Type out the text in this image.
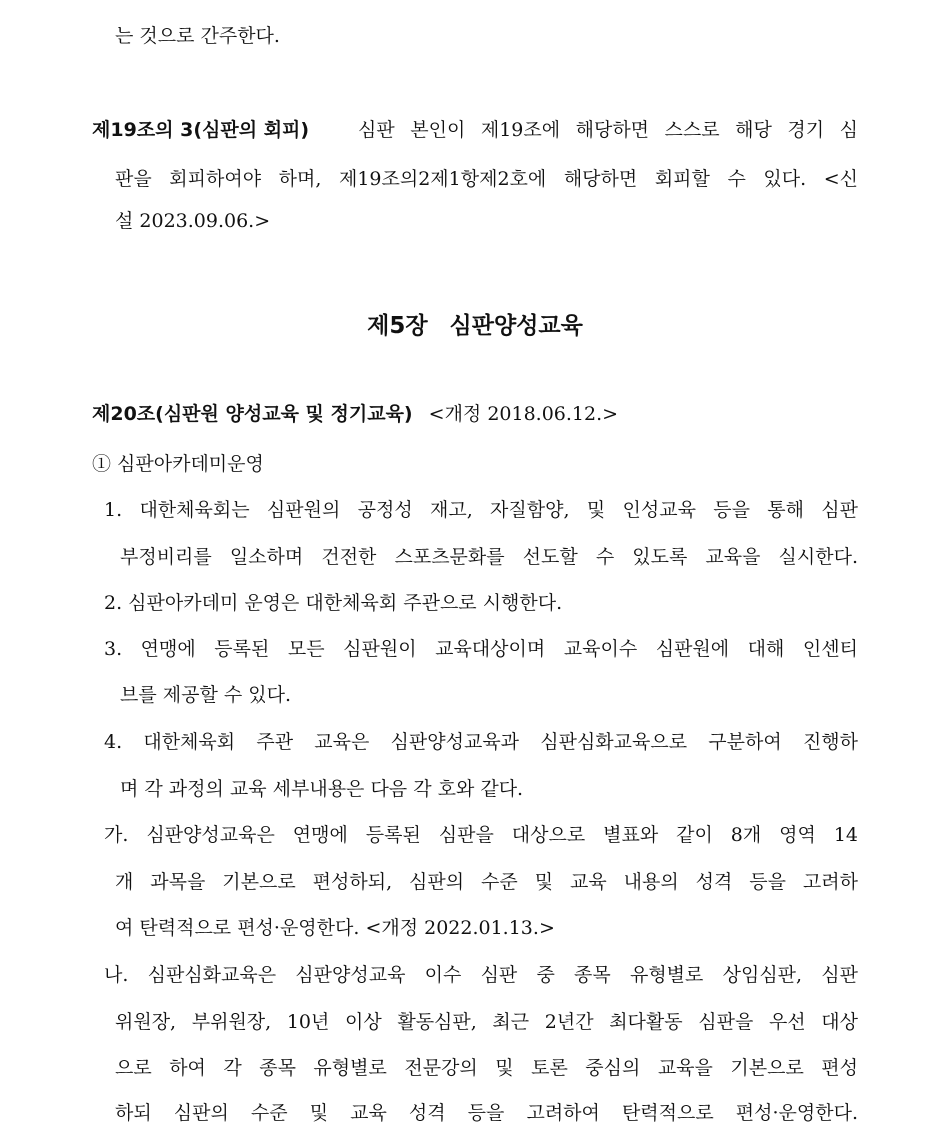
는 것으로 간주한다.
제19조의 3(심판의 회피)	심판 본인이 제19조에 해당하면 스스로 해당 경기 심
판을 회피하여야 하며, 제19조의2제1항제2호에 해당하면 회피할 수 있다. <신
설 2023.09.06.>
제5장 심판양성교육
제20조(심판원 양성교육 및 정기교육) <개정 2018.06.12.>
① 심판아카데미운영
1. 대한체육회는 심판원의 공정성 재고, 자질함양, 및 인성교육 등을 통해 심판
부정비리를 일소하며 건전한 스포츠문화를 선도할 수 있도록 교육을 실시한다.
2. 심판아카데미 운영은 대한체육회 주관으로 시행한다.
3. 연맹에 등록된 모든 심판원이 교육대상이며 교육이수 심판원에 대해 인센티
브를 제공할 수 있다.
4. 대한체육회 주관 교육은 심판양성교육과 심판심화교육으로 구분하여 진행하
며 각 과정의 교육 세부내용은 다음 각 호와 같다.
가. 심판양성교육은 연맹에 등록된 심판을 대상으로 별표와 같이 8개 영역 14
개 과목을 기본으로 편성하되, 심판의 수준 및 교육 내용의 성격 등을 고려하
여 탄력적으로 편성·운영한다. <개정 2022.01.13.>
나. 심판심화교육은 심판양성교육 이수 심판 중 종목 유형별로 상임심판, 심판
위원장, 부위원장, 10년 이상 활동심판, 최근 2년간 최다활동 심판을 우선 대상
으로 하여 각 종목 유형별로 전문강의 및 토론 중심의 교육을 기본으로 편성
하되 심판의 수준 및 교육 성격 등을 고려하여 탄력적으로 편성·운영한다.
